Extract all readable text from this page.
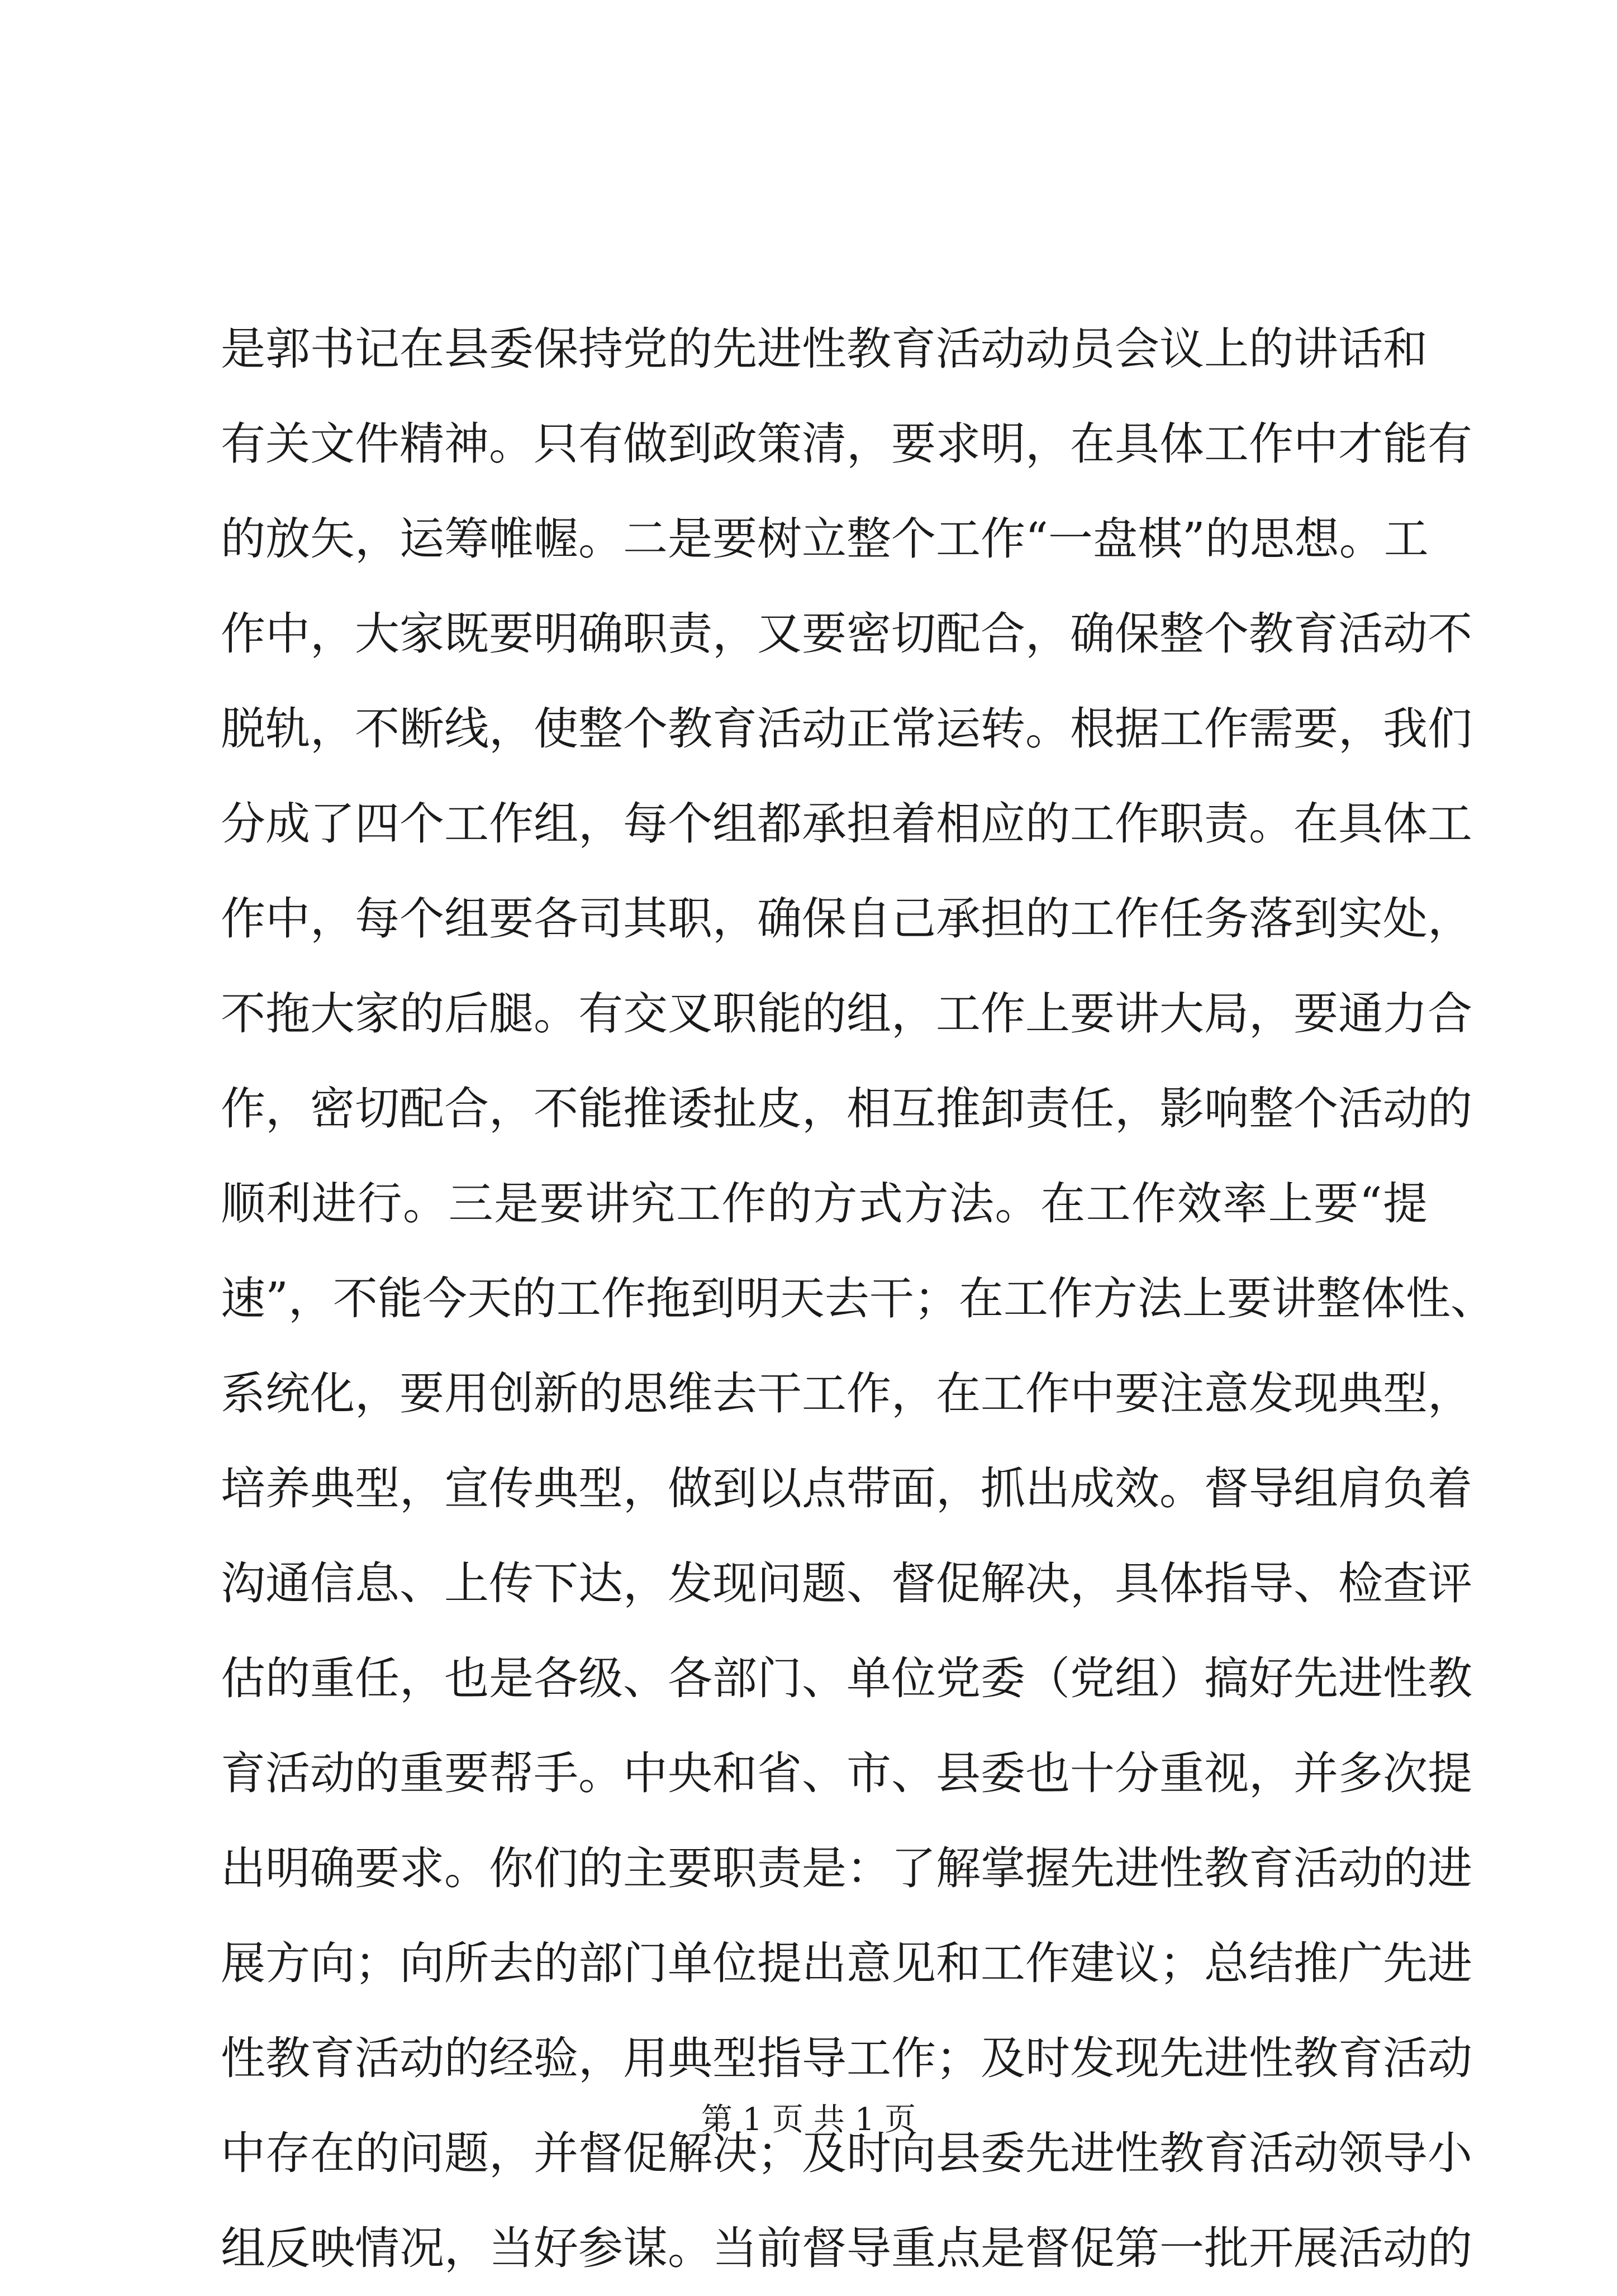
是郭书记在县委保持党的先进性教育活动动员会议上的讲话和
有关文件精神。只有做到政策清，要求明，在具体工作中才能有
的放矢，运筹帷幄。二是要树立整个工作“一盘棋”的思想。工
作中，大家既要明确职责，又要密切配合，确保整个教育活动不
脱轨，不断线，使整个教育活动正常运转。根据工作需要，我们
分成了四个工作组，每个组都承担着相应的工作职责。在具体工
作中，每个组要各司其职，确保自己承担的工作任务落到实处，
不拖大家的后腿。有交叉职能的组，工作上要讲大局，要通力合
作，密切配合，不能推诿扯皮，相互推卸责任，影响整个活动的
顺利进行。三是要讲究工作的方式方法。在工作效率上要“提
速”，不能今天的工作拖到明天去干；在工作方法上要讲整体性、
系统化，要用创新的思维去干工作，在工作中要注意发现典型，
培养典型，宣传典型，做到以点带面，抓出成效。督导组肩负着
沟通信息、上传下达，发现问题、督促解决，具体指导、检查评
估的重任，也是各级、各部门、单位党委（党组）搞好先进性教
育活动的重要帮手。中央和省、市、县委也十分重视，并多次提
出明确要求。你们的主要职责是：了解掌握先进性教育活动的进
展方向；向所去的部门单位提出意见和工作建议；总结推广先进
性教育活动的经验，用典型指导工作；及时发现先进性教育活动
中存在的问题，并督促解决；及时向县委先进性教育活动领导小
组反映情况，当好参谋。当前督导重点是督促第一批开展活动的
第 1 页 共 1 页
